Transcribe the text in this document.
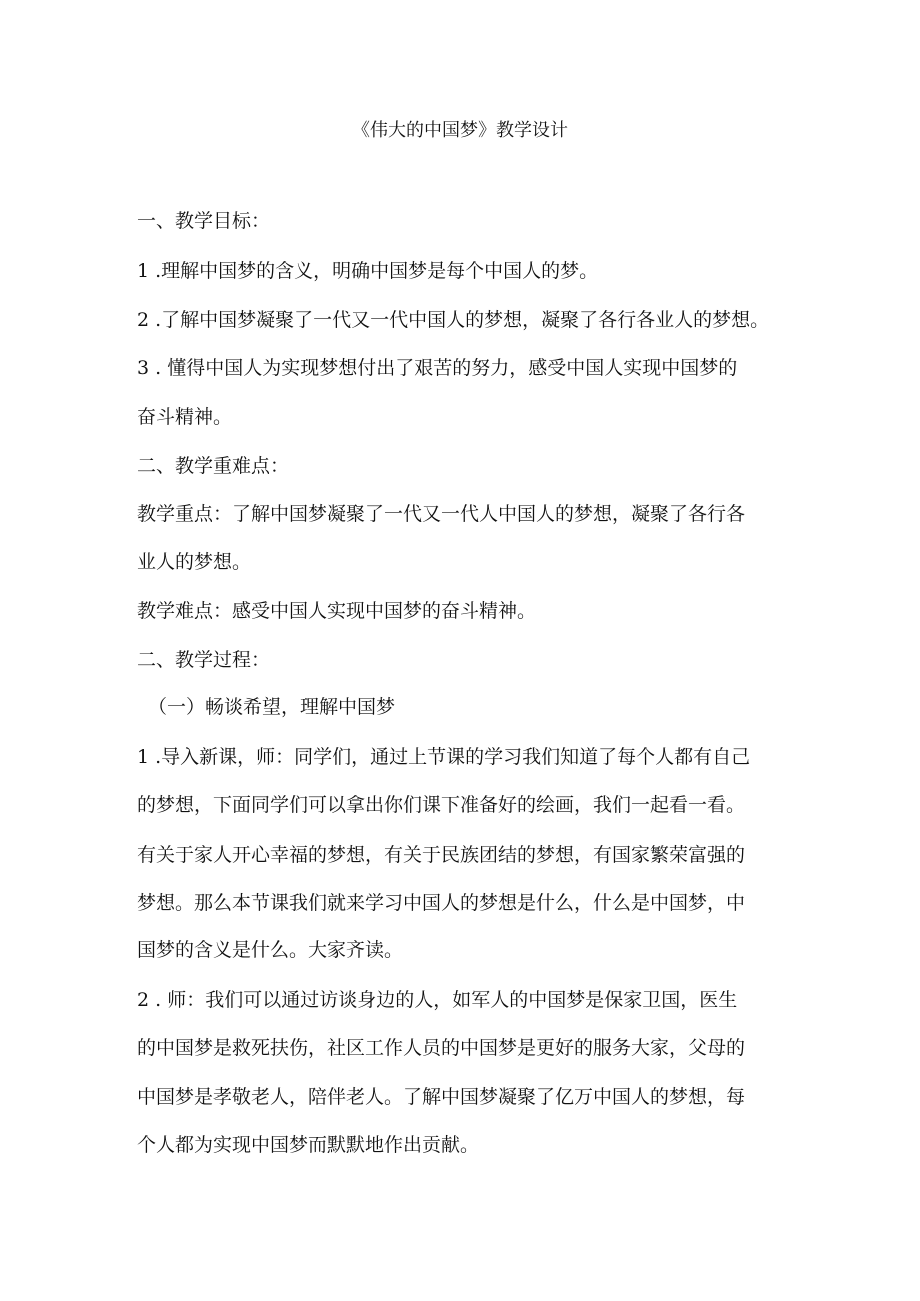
《伟大的中国梦》教学设计
一、教学目标：
1 .理解中国梦的含义，明确中国梦是每个中国人的梦。
2 .了解中国梦凝聚了一代又一代中国人的梦想，凝聚了各行各业人的梦想。
3 . 懂得中国人为实现梦想付出了艰苦的努力，感受中国人实现中国梦的
奋斗精神。
二、教学重难点：
教学重点：了解中国梦凝聚了一代又一代人中国人的梦想，凝聚了各行各
业人的梦想。
教学难点：感受中国人实现中国梦的奋斗精神。
二、教学过程：
（一）畅谈希望，理解中国梦
1 .导入新课，师：同学们，通过上节课的学习我们知道了每个人都有自己
的梦想，下面同学们可以拿出你们课下准备好的绘画，我们一起看一看。
有关于家人开心幸福的梦想，有关于民族团结的梦想，有国家繁荣富强的
梦想。那么本节课我们就来学习中国人的梦想是什么，什么是中国梦，中
国梦的含义是什么。大家齐读。
2 . 师：我们可以通过访谈身边的人，如军人的中国梦是保家卫国，医生
的中国梦是救死扶伤，社区工作人员的中国梦是更好的服务大家，父母的
中国梦是孝敬老人，陪伴老人。了解中国梦凝聚了亿万中国人的梦想，每
个人都为实现中国梦而默默地作出贡献。
